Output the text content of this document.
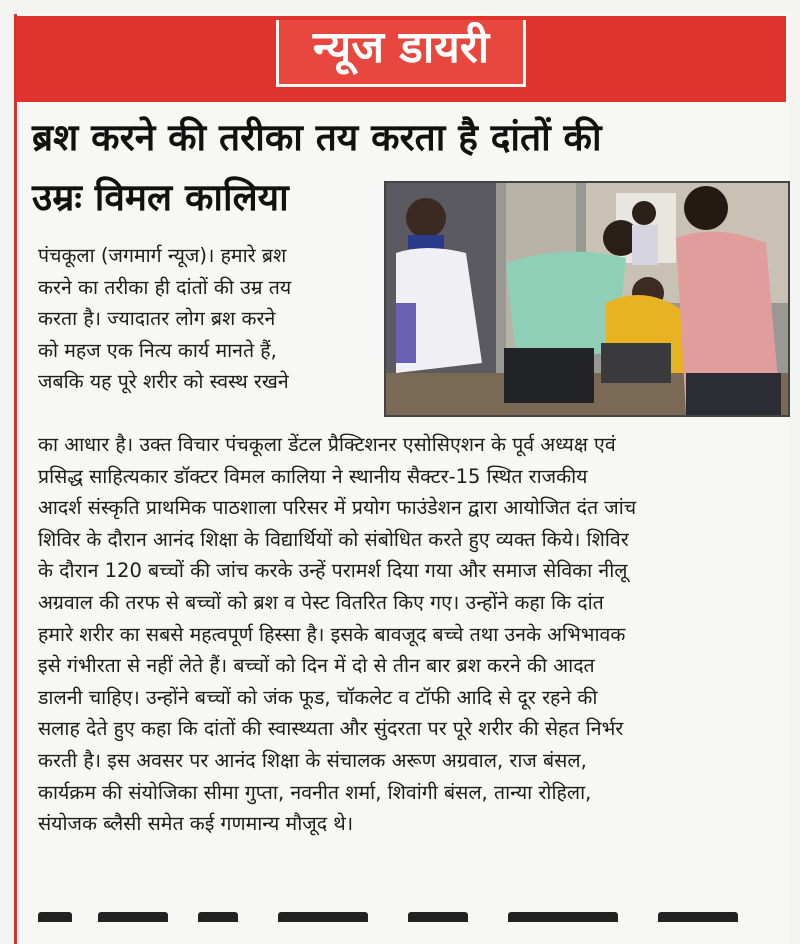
न्यूज डायरी
ब्रश करने की तरीका तय करता है दांतों की
उम्रः विमल कालिया
पंचकूला (जगमार्ग न्यूज)। हमारे ब्रश
करने का तरीका ही दांतों की उम्र तय
करता है। ज्यादातर लोग ब्रश करने
को महज एक नित्य कार्य मानते हैं,
जबकि यह पूरे शरीर को स्वस्थ रखने
का आधार है। उक्त विचार पंचकूला डेंटल प्रैक्टिशनर एसोसिएशन के पूर्व अध्यक्ष एवं
प्रसिद्ध साहित्यकार डॉक्टर विमल कालिया ने स्थानीय सैक्टर-15 स्थित राजकीय
आदर्श संस्कृति प्राथमिक पाठशाला परिसर में प्रयोग फाउंडेशन द्वारा आयोजित दंत जांच
शिविर के दौरान आनंद शिक्षा के विद्यार्थियों को संबोधित करते हुए व्यक्त किये। शिविर
के दौरान 120 बच्चों की जांच करके उन्हें परामर्श दिया गया और समाज सेविका नीलू
अग्रवाल की तरफ से बच्चों को ब्रश व पेस्ट वितरित किए गए। उन्होंने कहा कि दांत
हमारे शरीर का सबसे महत्वपूर्ण हिस्सा है। इसके बावजूद बच्चे तथा उनके अभिभावक
इसे गंभीरता से नहीं लेते हैं। बच्चों को दिन में दो से तीन बार ब्रश करने की आदत
डालनी चाहिए। उन्होंने बच्चों को जंक फूड, चॉकलेट व टॉफी आदि से दूर रहने की
सलाह देते हुए कहा कि दांतों की स्वास्थ्यता और सुंदरता पर पूरे शरीर की सेहत निर्भर
करती है। इस अवसर पर आनंद शिक्षा के संचालक अरूण अग्रवाल, राज बंसल,
कार्यक्रम की संयोजिका सीमा गुप्ता, नवनीत शर्मा, शिवांगी बंसल, तान्या रोहिला,
संयोजक ब्लैसी समेत कई गणमान्य मौजूद थे।
